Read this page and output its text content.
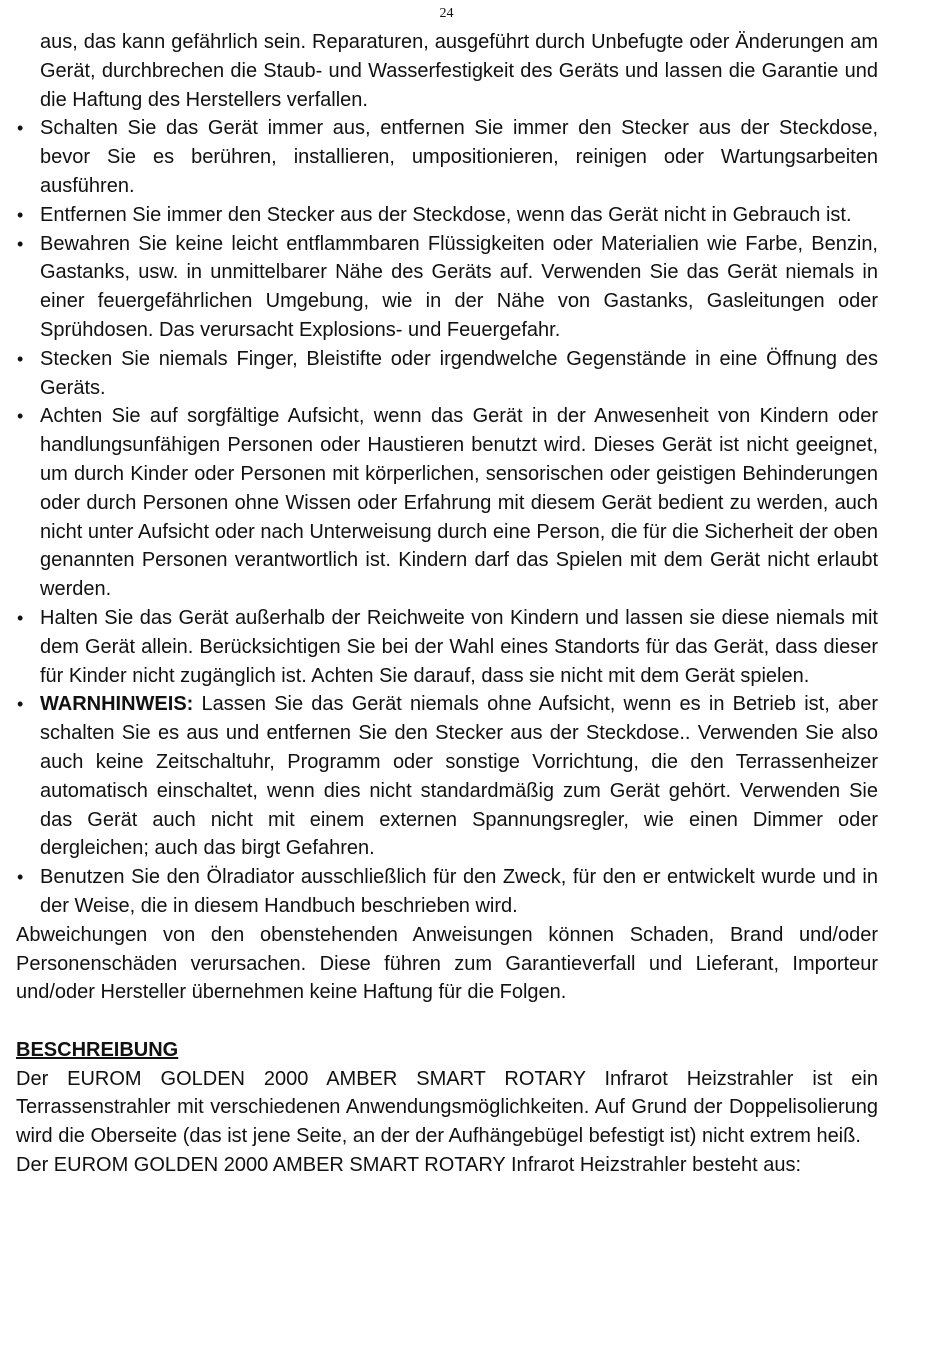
24

aus, das kann gefährlich sein. Reparaturen, ausgeführt durch Unbefugte oder Änderungen am Gerät, durchbrechen die Staub- und Wasserfestigkeit des Geräts und lassen die Garantie und die Haftung des Herstellers verfallen.

• Schalten Sie das Gerät immer aus, entfernen Sie immer den Stecker aus der Steckdose, bevor Sie es berühren, installieren, umpositionieren, reinigen oder Wartungsarbeiten ausführen.
• Entfernen Sie immer den Stecker aus der Steckdose, wenn das Gerät nicht in Gebrauch ist.
• Bewahren Sie keine leicht entflammbaren Flüssigkeiten oder Materialien wie Farbe, Benzin, Gastanks, usw. in unmittelbarer Nähe des Geräts auf. Verwenden Sie das Gerät niemals in einer feuergefährlichen Umgebung, wie in der Nähe von Gastanks, Gasleitungen oder Sprühdosen. Das verursacht Explosions- und Feuergefahr.
• Stecken Sie niemals Finger, Bleistifte oder irgendwelche Gegenstände in eine Öffnung des Geräts.
• Achten Sie auf sorgfältige Aufsicht, wenn das Gerät in der Anwesenheit von Kindern oder handlungsunfähigen Personen oder Haustieren benutzt wird. Dieses Gerät ist nicht geeignet, um durch Kinder oder Personen mit körperlichen, sensorischen oder geistigen Behinderungen oder durch Personen ohne Wissen oder Erfahrung mit diesem Gerät bedient zu werden, auch nicht unter Aufsicht oder nach Unterweisung durch eine Person, die für die Sicherheit der oben genannten Personen verantwortlich ist. Kindern darf das Spielen mit dem Gerät nicht erlaubt werden.
• Halten Sie das Gerät außerhalb der Reichweite von Kindern und lassen sie diese niemals mit dem Gerät allein. Berücksichtigen Sie bei der Wahl eines Standorts für das Gerät, dass dieser für Kinder nicht zugänglich ist. Achten Sie darauf, dass sie nicht mit dem Gerät spielen.
• WARNHINWEIS: Lassen Sie das Gerät niemals ohne Aufsicht, wenn es in Betrieb ist, aber schalten Sie es aus und entfernen Sie den Stecker aus der Steckdose.. Verwenden Sie also auch keine Zeitschaltuhr, Programm oder sonstige Vorrichtung, die den Terrassenheizer automatisch einschaltet, wenn dies nicht standardmäßig zum Gerät gehört. Verwenden Sie das Gerät auch nicht mit einem externen Spannungsregler, wie einen Dimmer oder dergleichen; auch das birgt Gefahren.
• Benutzen Sie den Ölradiator ausschließlich für den Zweck, für den er entwickelt wurde und in der Weise, die in diesem Handbuch beschrieben wird.

Abweichungen von den obenstehenden Anweisungen können Schaden, Brand und/oder Personenschäden verursachen. Diese führen zum Garantieverfall und Lieferant, Importeur und/oder Hersteller übernehmen keine Haftung für die Folgen.

BESCHREIBUNG

Der EUROM GOLDEN 2000 AMBER SMART ROTARY Infrarot Heizstrahler ist ein Terrassenstrahler mit verschiedenen Anwendungsmöglichkeiten. Auf Grund der Doppelisolierung wird die Oberseite (das ist jene Seite, an der der Aufhängebügel befestigt ist) nicht extrem heiß.

Der EUROM GOLDEN 2000 AMBER SMART ROTARY Infrarot Heizstrahler besteht aus:
